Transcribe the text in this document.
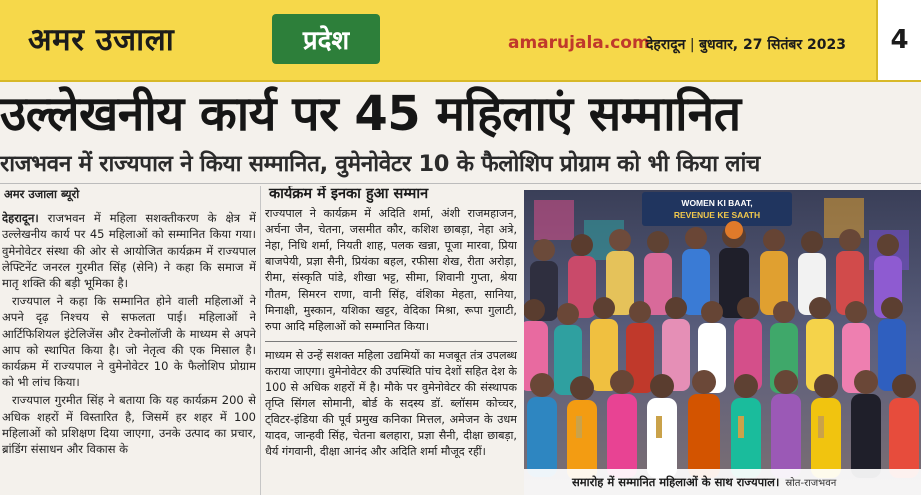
अमर उजाला	प्रदेश	amarujala.com
देहरादून | बुधवार, 27 सितंबर 2023	4
उल्लेखनीय कार्य पर 45 महिलाएं सम्मानित
राजभवन में राज्यपाल ने किया सम्मानित, वुमेनोवेटर 10 के फैलोशिप प्रोग्राम को भी किया लांच
अमर उजाला ब्यूरो

देहरादून। राजभवन में महिला सशक्तीकरण के क्षेत्र में उल्लेखनीय कार्य पर 45 महिलाओं को सम्मानित किया गया। वुमेनोवेटर संस्था की ओर से आयोजित कार्यक्रम में राज्यपाल लेफ्टिनेंट जनरल गुरमीत सिंह (सेनि) ने कहा कि समाज में मातृ शक्ति की बड़ी भूमिका है।

राज्यपाल ने कहा कि सम्मानित होने वाली महिलाओं ने अपने दृढ़ निश्चय से सफलता पाई। महिलाओं ने आर्टिफिशियल इंटेलिजेंस और टेक्नोलॉजी के माध्यम से अपने आप को स्थापित किया है। जो नेतृत्व की एक मिसाल है। कार्यक्रम में राज्यपाल ने वुमेनोवेटर 10 के फैलोशिप प्रोग्राम को भी लांच किया।

राज्यपाल गुरमीत सिंह ने बताया कि यह कार्यक्रम 200 से अधिक शहरों में विस्तारित है, जिसमें हर शहर में 100 महिलाओं को प्रशिक्षण दिया जाएगा, उनके उत्पाद का प्रचार, ब्रांडिंग संसाधन और विकास के

कार्यक्रम में इनका हुआ सम्मान
राज्यपाल ने कार्यक्रम में अदिति शर्मा, अंशी राजमहाजन, अर्चना जैन, चेतना, जसमीत कौर, कशिश छाबड़ा, नेहा अत्रे, नेहा, निधि शर्मा, नियती शाह, पलक खन्ना, पूजा मारवा, प्रिया बाजपेयी, प्रज्ञा सैनी, प्रियंका बहल, रफीसा शेख, रीता अरोड़ा, रीमा, संस्कृति पांडे, शीखा भट्ट, सीमा, शिवानी गुप्ता, श्रेया गौतम, सिमरन राणा, वानी सिंह, वंशिका मेहता, सानिया, मिनाक्षी, मुस्कान, यशिका खट्टर, वेदिका मिश्रा, रूपा गुलाटी, रुपा आदि महिलाओं को सम्मानित किया।

माध्यम से उन्हें सशक्त महिला उद्यमियों का मजबूत तंत्र उपलब्ध कराया जाएगा। वुमेनोवेटर की उपस्थिति पांच देशों सहित देश के 100 से अधिक शहरों में है। मौके पर वुमेनोवेटर की संस्थापक तृप्ति सिंगल सोमानी, बोर्ड के सदस्य डॉ. ब्लॉसम कोच्चर, ट्विटर-इंडिया की पूर्व प्रमुख कनिका मित्तल, अमेजन के उधम यादव, जान्हवी सिंह, चेतना बलहारा, प्रज्ञा सैनी, दीक्षा छाबड़ा, धैर्य गंगवानी, दीक्षा आनंद और अदिति शर्मा मौजूद रहीं।

WOMEN KI BAAT,
REVENUE KE SAATH
समारोह में सम्मानित महिलाओं के साथ राज्यपाल। स्रोत-राजभवन
